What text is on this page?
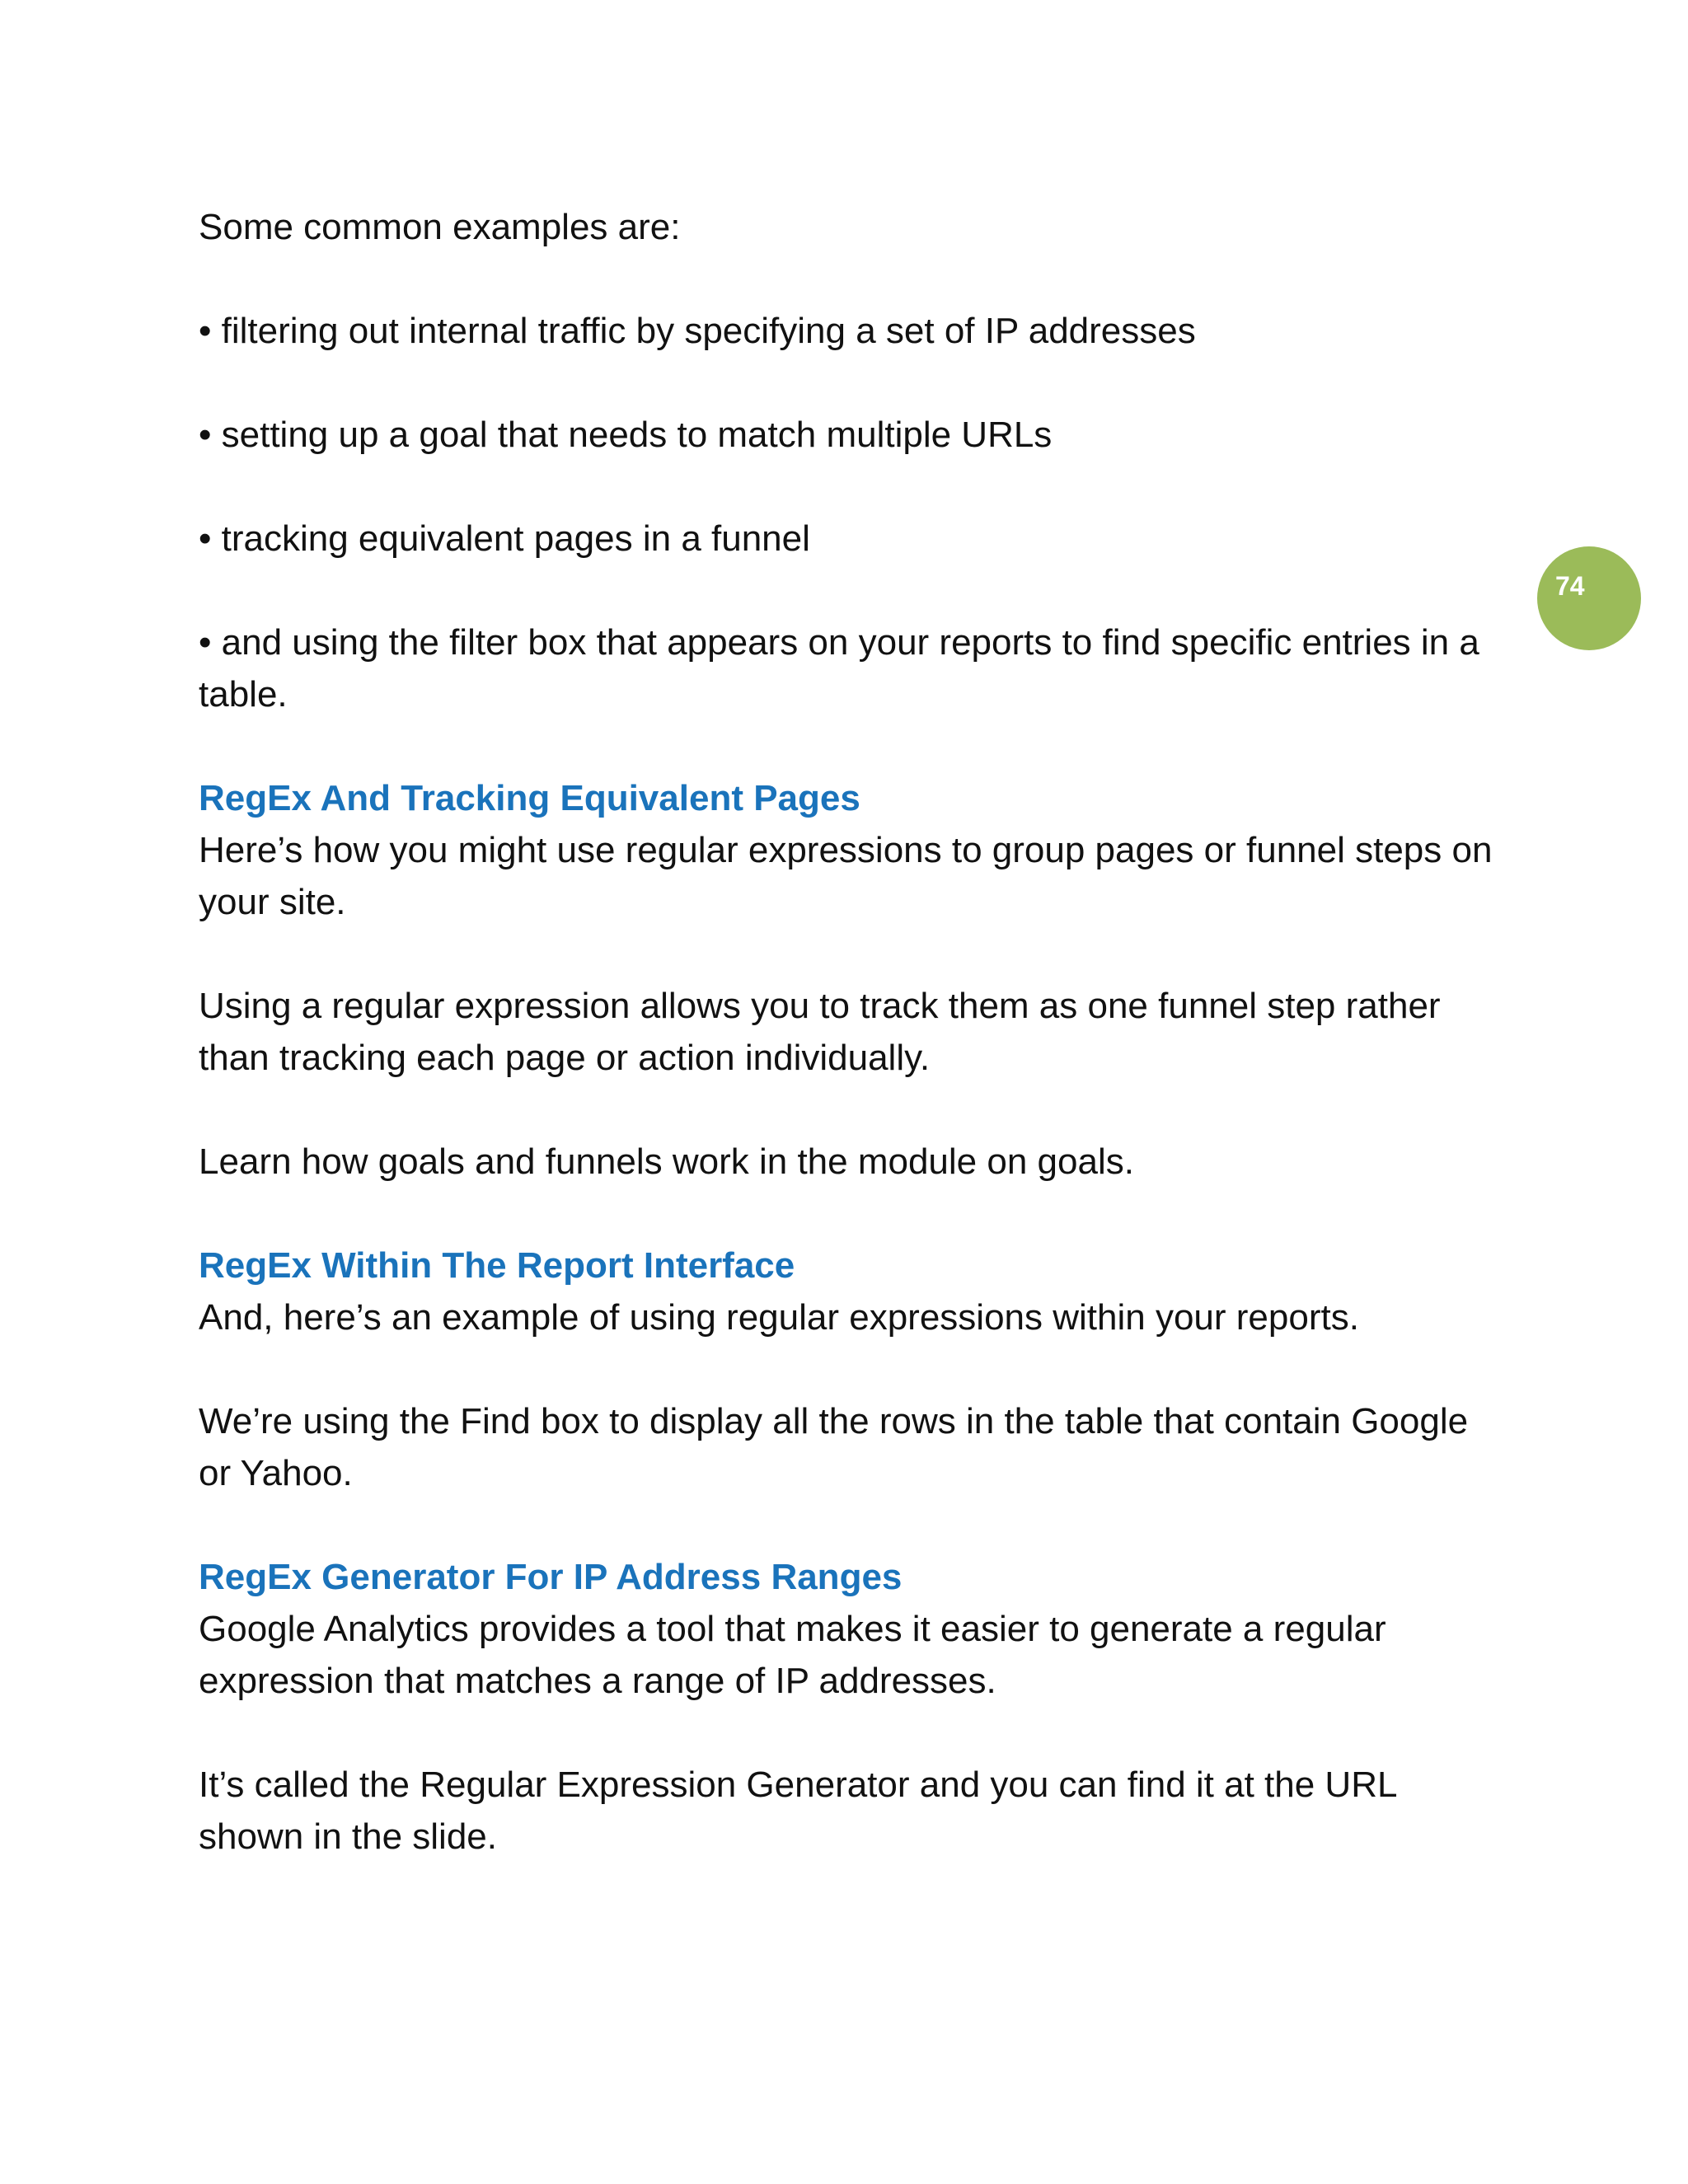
74

Some common examples are:

• filtering out internal traffic by specifying a set of IP addresses

• setting up a goal that needs to match multiple URLs

• tracking equivalent pages in a funnel

• and using the filter box that appears on your reports to find specific entries in a table.

RegEx And Tracking Equivalent Pages

Here’s how you might use regular expressions to group pages or funnel steps on your site.

Using a regular expression allows you to track them as one funnel step rather than tracking each page or action individually.

Learn how goals and funnels work in the module on goals.

RegEx Within The Report Interface

And, here’s an example of using regular expressions within your reports.

We’re using the Find box to display all the rows in the table that contain Google or Yahoo.

RegEx Generator For IP Address Ranges

Google Analytics provides a tool that makes it easier to generate a regular expression that matches a range of IP addresses.

It’s called the Regular Expression Generator and you can find it at the URL shown in the slide.
